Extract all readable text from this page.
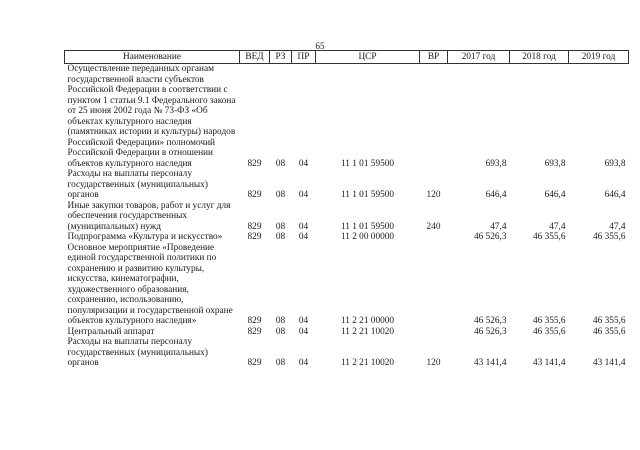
65
Наименование	ВЕД	РЗ	ПР	ЦСР	ВР	2017 год	2018 год	2019 год
Осуществление переданных органам государственной власти субъектов Российской Федерации в соответствии с пунктом 1 статьи 9.1 Федерального закона от 25 июня 2002 года № 73-ФЗ «Об объектах культурного наследия (памятниках истории и культуры) народов Российской Федерации» полномочий Российской Федерации в отношении объектов культурного наследия	829	08	04	11 1 01 59500		693,8	693,8	693,8
Расходы на выплаты персоналу государственных (муниципальных) органов	829	08	04	11 1 01 59500	120	646,4	646,4	646,4
Иные закупки товаров, работ и услуг для обеспечения государственных (муниципальных) нужд	829	08	04	11 1 01 59500	240	47,4	47,4	47,4
Подпрограмма «Культура и искусство»	829	08	04	11 2 00 00000		46 526,3	46 355,6	46 355,6
Основное мероприятие «Проведение единой государственной политики по сохранению и развитию культуры, искусства, кинематографии, художественного образования, сохранению, использованию, популяризации и государственной охране объектов культурного наследия»	829	08	04	11 2 21 00000		46 526,3	46 355,6	46 355,6
Центральный аппарат	829	08	04	11 2 21 10020		46 526,3	46 355,6	46 355,6
Расходы на выплаты персоналу государственных (муниципальных) органов	829	08	04	11 2 21 10020	120	43 141,4	43 141,4	43 141,4
